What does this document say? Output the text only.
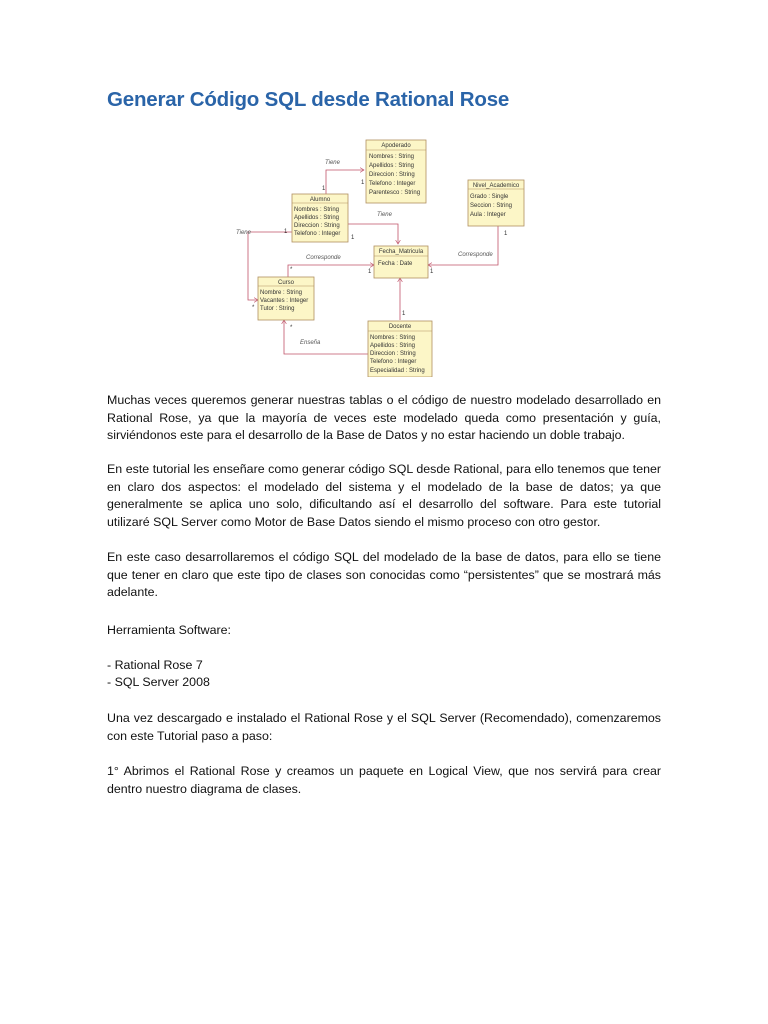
Generar Código SQL desde Rational Rose
Apoderado
Nombres : String
Apellidos : String
Direccion : String
Telefono : Integer
Parentesco : String
Alumno
Nombres : String
Apellidos : String
Direccion : String
Telefono : Integer
Nivel_Academico
Grado : Single
Seccion : String
Aula : Integer
Fecha_Matricula
Fecha : Date
Curso
Nombre : String
Vacantes : Integer
Tutor : String
Docente
Nombres : String
Apellidos : String
Direccion : String
Telefono : Integer
Especialidad : String
Tiene
Tiene
Tiene
Corresponde	Corresponde
Enseña
1
1
1
1
1
1	1
1
*
*
*

Muchas veces queremos generar nuestras tablas o el código de nuestro modelado desarrollado en Rational Rose, ya que la mayoría de veces este modelado queda como presentación y guía, sirviéndonos este para el desarrollo de la Base de Datos y no estar haciendo un doble trabajo.

En este tutorial les enseñare como generar código SQL desde Rational, para ello tenemos que tener en claro dos aspectos: el modelado del sistema y el modelado de la base de datos; ya que generalmente se aplica uno solo, dificultando así el desarrollo del software. Para este tutorial utilizaré SQL Server como Motor de Base Datos siendo el mismo proceso con otro gestor.

En este caso desarrollaremos el código SQL del modelado de la base de datos, para ello se tiene que tener en claro que este tipo de clases son conocidas como “persistentes” que se mostrará más adelante.

Herramienta Software:

- Rational Rose 7

- SQL Server 2008

Una vez descargado e instalado el Rational Rose y el SQL Server (Recomendado), comenzaremos con este Tutorial paso a paso:

1° Abrimos el Rational Rose y creamos un paquete en Logical View, que nos servirá para crear dentro nuestro diagrama de clases.
